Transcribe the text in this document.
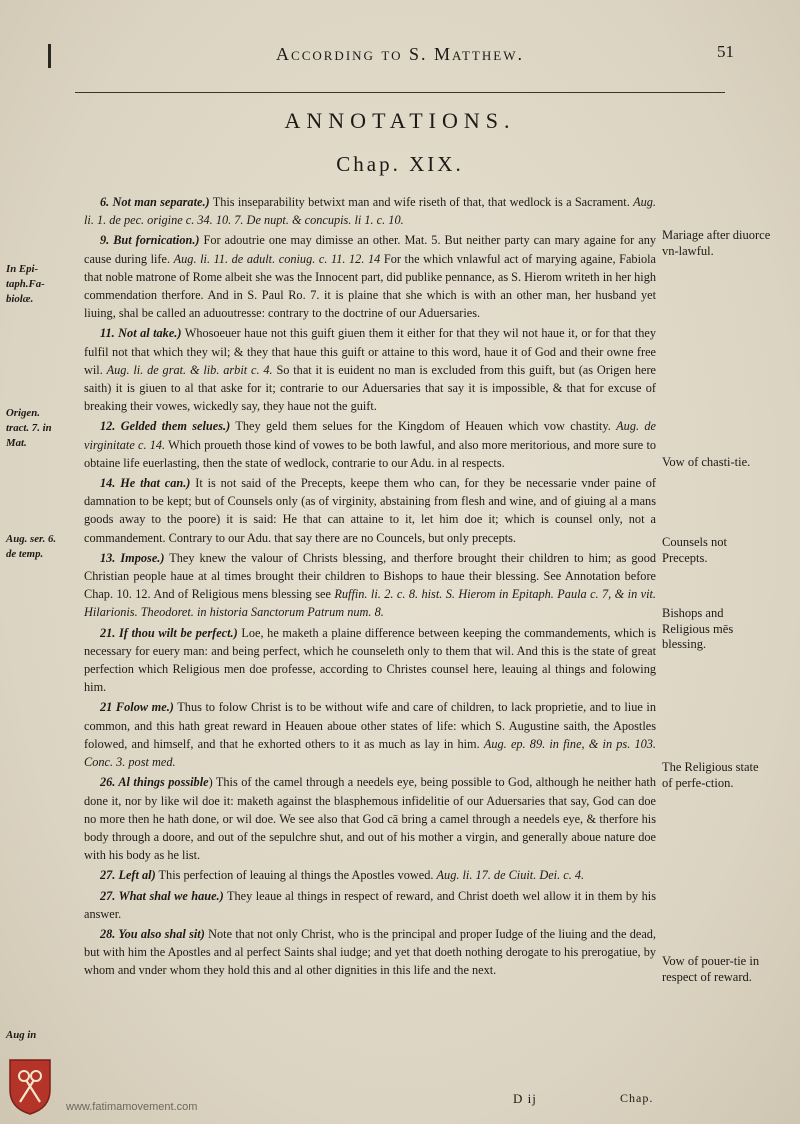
According to S. Matthew.	51
ANNOTATIONS.
Chap. XIX.

6. Not man separate.) This inseparability betwixt man and wife riseth of that, that wedlock is a Sacrament. Aug. li. 1. de pec. origine c. 34. 10. 7. De nupt. & concupis. li 1. c. 10.

9. But fornication.) For adoutrie one may dimisse an other. Mat. 5. But neither party can mary againe for any cause during life. Aug. li. 11. de adult. coniug. c. 11. 12. 14 For the which vnlawful act of marying againe, Fabiola that noble matrone of Rome albeit she was the Innocent part, did publike pennance, as S. Hierom writeth in her high commendation therfore. And in S. Paul Ro. 7. it is plaine that she which is with an other man, her husband yet liuing, shal be called an aduoutresse: contrary to the doctrine of our Aduersaries.

11. Not al take.) Whosoeuer haue not this guift giuen them it either for that they wil not haue it, or for that they fulfil not that which they wil; & they that haue this guift or attaine to this word, haue it of God and their owne free wil. Aug. li. de grat. & lib. arbit c. 4. So that it is euident no man is excluded from this guift, but (as Origen here saith) it is giuen to al that aske for it; contrarie to our Aduersaries that say it is impossible, & that for excuse of breaking their vowes, wickedly say, they haue not the guift.

12. Gelded them selues.) They geld them selues for the Kingdom of Heauen which vow chastity. Aug. de virginitate c. 14. Which proueth those kind of vowes to be both lawful, and also more meritorious, and more sure to obtaine life euerlasting, then the state of wedlock, contrarie to our Adu. in al respects.

14. He that can.) It is not said of the Precepts, keepe them who can, for they be necessarie vnder paine of damnation to be kept; but of Counsels only (as of virginity, abstaining from flesh and wine, and of giuing al a mans goods away to the poore) it is said: He that can attaine to it, let him doe it; which is counsel only, not a commandement. Contrary to our Adu. that say there are no Councels, but only precepts.

13. Impose.) They knew the valour of Christs blessing, and therfore brought their children to him; as good Christian people haue at al times brought their children to Bishops to haue their blessing. See Annotation before Chap. 10. 12. And of Religious mens blessing see Ruffin. li. 2. c. 8. hist. S. Hierom in Epitaph. Paula c. 7, & in vit. Hilarionis. Theodoret. in historia Sanctorum Patrum num. 8.

21. If thou wilt be perfect.) Loe, he maketh a plaine difference between keeping the commandements, which is necessary for euery man: and being perfect, which he counseleth only to them that wil. And this is the state of great perfection which Religious men doe professe, according to Christes counsel here, leauing al things and folowing him.

21 Folow me.) Thus to folow Christ is to be without wife and care of children, to lack proprietie, and to liue in common, and this hath great reward in Heauen aboue other states of life: which S. Augustine saith, the Apostles folowed, and himself, and that he exhorted others to it as much as lay in him. Aug. ep. 89. in fine, & in ps. 103. Conc. 3. post med.

26. Al things possible) This of the camel through a needels eye, being possible to God, although he neither hath done it, nor by like wil doe it: maketh against the blasphemous infidelitie of our Aduersaries that say, God can doe no more then he hath done, or wil doe. We see also that God cā bring a camel through a needels eye, & therfore his body through a doore, and out of the sepulchre shut, and out of his mother a virgin, and generally aboue nature doe with his body as he list.

27. Left al) This perfection of leauing al things the Apostles vowed. Aug. li. 17. de Ciuit. Dei. c. 4.

27. What shal we haue.) They leaue al things in respect of reward, and Christ doeth wel allow it in them by his answer.

28. You also shal sit) Note that not only Christ, who is the principal and proper Iudge of the liuing and the dead, but with him the Apostles and al perfect Saints shal iudge; and yet that doeth nothing derogate to his prerogatiue, by whom and vnder whom they hold this and al other dignities in this life and the next.

In Epi-taph.Fa-biolæ.
Origen. tract. 7. in Mat.
Aug. ser. 6. de temp.
Aug in
Mariage after diuorce vn-lawful.
Vow of chasti-tie.
Counsels not Precepts.
Bishops and Religious mēs blessing.
The Religious state of perfe-ction.
Vow of pouer-tie in respect of reward.
D ij	Chap.
www.fatimamovement.com
